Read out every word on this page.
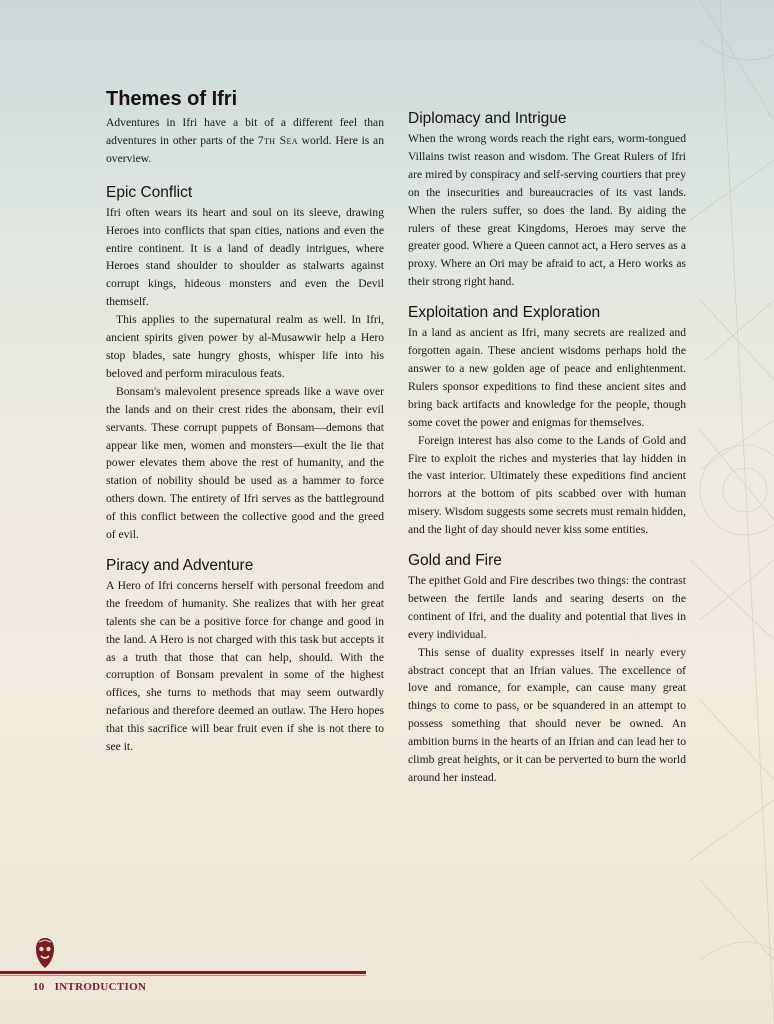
Themes of Ifri

Adventures in Ifri have a bit of a different feel than adventures in other parts of the 7th Sea world. Here is an overview.

Epic Conflict

Ifri often wears its heart and soul on its sleeve, drawing Heroes into conflicts that span cities, nations and even the entire continent. It is a land of deadly intrigues, where Heroes stand shoulder to shoulder as stalwarts against corrupt kings, hideous monsters and even the Devil themself.

This applies to the supernatural realm as well. In Ifri, ancient spirits given power by al-Musawwir help a Hero stop blades, sate hungry ghosts, whisper life into his beloved and perform miraculous feats.

Bonsam's malevolent presence spreads like a wave over the lands and on their crest rides the abonsam, their evil servants. These corrupt puppets of Bonsam—demons that appear like men, women and monsters—exult the lie that power elevates them above the rest of humanity, and the station of nobility should be used as a hammer to force others down. The entirety of Ifri serves as the battleground of this conflict between the collective good and the greed of evil.

Piracy and Adventure

A Hero of Ifri concerns herself with personal freedom and the freedom of humanity. She realizes that with her great talents she can be a positive force for change and good in the land. A Hero is not charged with this task but accepts it as a truth that those that can help, should. With the corruption of Bonsam prevalent in some of the highest offices, she turns to methods that may seem outwardly nefarious and therefore deemed an outlaw. The Hero hopes that this sacrifice will bear fruit even if she is not there to see it.

Diplomacy and Intrigue

When the wrong words reach the right ears, worm-tongued Villains twist reason and wisdom. The Great Rulers of Ifri are mired by conspiracy and self-serving courtiers that prey on the insecurities and bureaucracies of its vast lands. When the rulers suffer, so does the land. By aiding the rulers of these great Kingdoms, Heroes may serve the greater good. Where a Queen cannot act, a Hero serves as a proxy. Where an Ori may be afraid to act, a Hero works as their strong right hand.

Exploitation and Exploration

In a land as ancient as Ifri, many secrets are realized and forgotten again. These ancient wisdoms perhaps hold the answer to a new golden age of peace and enlightenment. Rulers sponsor expeditions to find these ancient sites and bring back artifacts and knowledge for the people, though some covet the power and enigmas for themselves.

Foreign interest has also come to the Lands of Gold and Fire to exploit the riches and mysteries that lay hidden in the vast interior. Ultimately these expeditions find ancient horrors at the bottom of pits scabbed over with human misery. Wisdom suggests some secrets must remain hidden, and the light of day should never kiss some entities.

Gold and Fire

The epithet Gold and Fire describes two things: the contrast between the fertile lands and searing deserts on the continent of Ifri, and the duality and potential that lives in every individual.

This sense of duality expresses itself in nearly every abstract concept that an Ifrian values. The excellence of love and romance, for example, can cause many great things to come to pass, or be squandered in an attempt to possess something that should never be owned. An ambition burns in the hearts of an Ifrian and can lead her to climb great heights, or it can be perverted to burn the world around her instead.

10 INTRODUCTION
